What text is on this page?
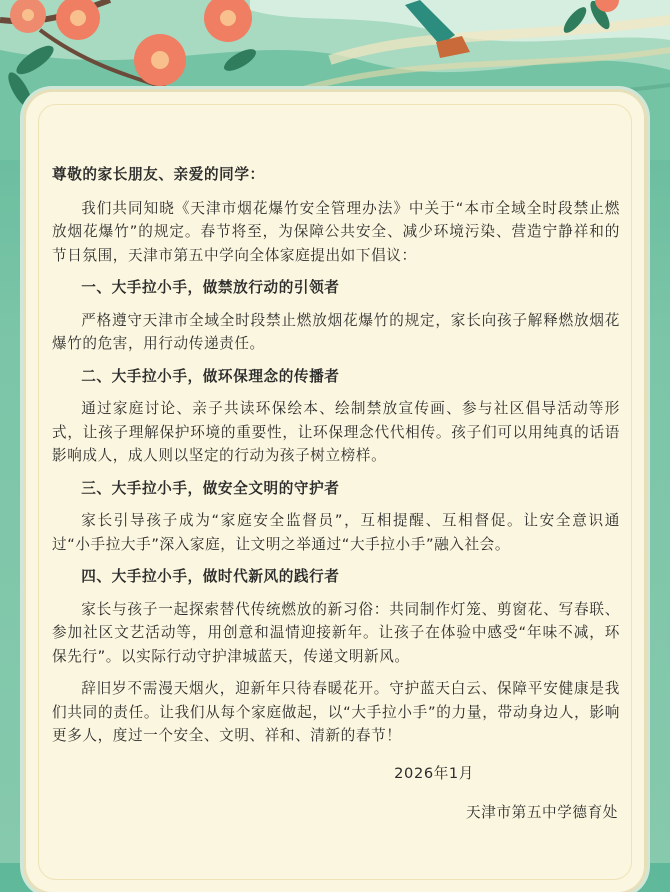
尊敬的家长朋友、亲爱的同学：

我们共同知晓《天津市烟花爆竹安全管理办法》中关于“本市全域全时段禁止燃放烟花爆竹”的规定。春节将至，为保障公共安全、减少环境污染、营造宁静祥和的节日氛围，天津市第五中学向全体家庭提出如下倡议：

一、大手拉小手，做禁放行动的引领者

严格遵守天津市全域全时段禁止燃放烟花爆竹的规定，家长向孩子解释燃放烟花爆竹的危害，用行动传递责任。

二、大手拉小手，做环保理念的传播者

通过家庭讨论、亲子共读环保绘本、绘制禁放宣传画、参与社区倡导活动等形式，让孩子理解保护环境的重要性，让环保理念代代相传。孩子们可以用纯真的话语影响成人，成人则以坚定的行动为孩子树立榜样。

三、大手拉小手，做安全文明的守护者

家长引导孩子成为“家庭安全监督员”，互相提醒、互相督促。让安全意识通过“小手拉大手”深入家庭，让文明之举通过“大手拉小手”融入社会。

四、大手拉小手，做时代新风的践行者

家长与孩子一起探索替代传统燃放的新习俗：共同制作灯笼、剪窗花、写春联、参加社区文艺活动等，用创意和温情迎接新年。让孩子在体验中感受“年味不减，环保先行”。以实际行动守护津城蓝天，传递文明新风。

辞旧岁不需漫天烟火，迎新年只待春暖花开。守护蓝天白云、保障平安健康是我们共同的责任。让我们从每个家庭做起，以“大手拉小手”的力量，带动身边人，影响更多人，度过一个安全、文明、祥和、清新的春节！

2026年1月

天津市第五中学德育处
